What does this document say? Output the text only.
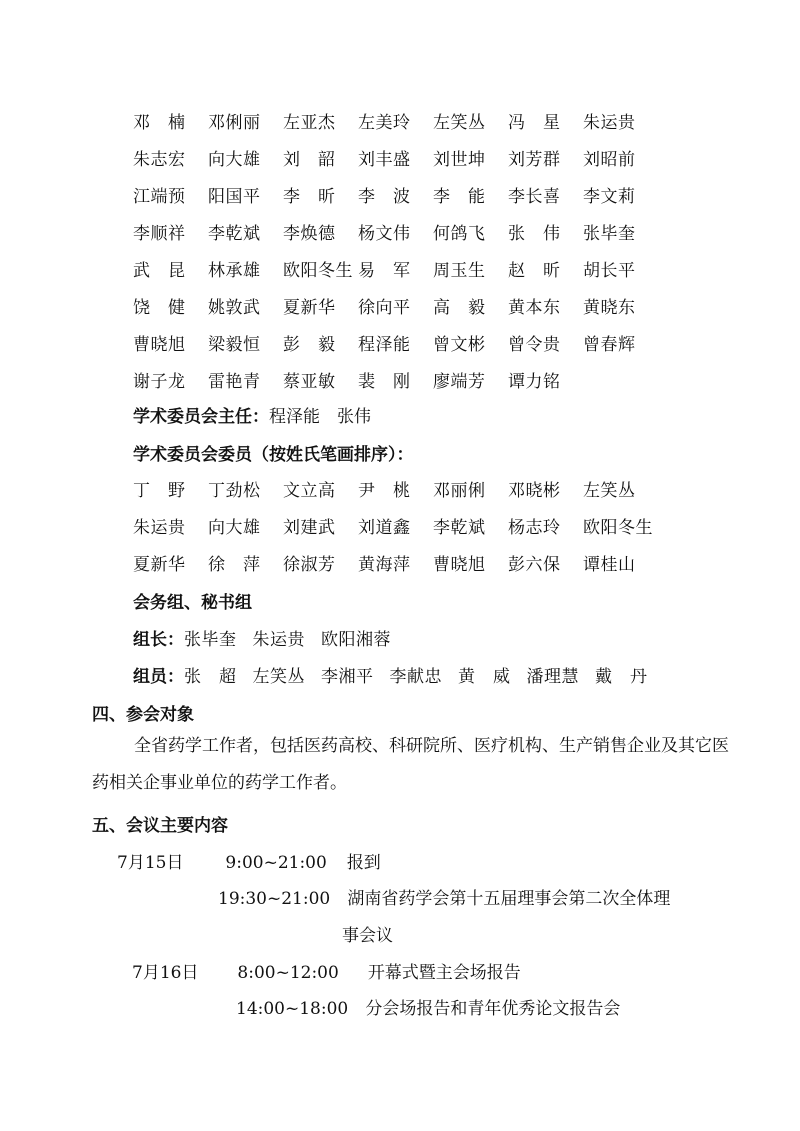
邓　楠	邓俐丽	左亚杰	左美玲	左笑丛	冯　星	朱运贵
朱志宏	向大雄	刘　韶	刘丰盛	刘世坤	刘芳群	刘昭前
江端预	阳国平	李　昕	李　波	李　能	李长喜	李文莉
李顺祥	李乾斌	李焕德	杨文伟	何鸽飞	张　伟	张毕奎
武　昆	林承雄	欧阳冬生 易　军	周玉生	赵　昕	胡长平
饶　健	姚敦武	夏新华	徐向平	高　毅	黄本东	黄晓东
曹晓旭	梁毅恒	彭　毅	程泽能	曾文彬	曾令贵	曾春辉
谢子龙	雷艳青	蔡亚敏	裴　刚	廖端芳	谭力铭
学术委员会主任： 程泽能　张伟
学术委员会委员（按姓氏笔画排序）：
丁　野	丁劲松	文立高	尹　桃	邓丽俐	邓晓彬	左笑丛
朱运贵	向大雄	刘建武	刘道鑫	李乾斌	杨志玲	欧阳冬生
夏新华	徐　萍	徐淑芳	黄海萍	曹晓旭	彭六保	谭桂山
会务组、秘书组
组长： 张毕奎 朱运贵 欧阳湘蓉
组员： 张　超 左笑丛 李湘平 李献忠 黄　威 潘理慧 戴　丹
四、参会对象
全省药学工作者，包括医药高校、科研院所、医疗机构、生产销售企业及其它医药相关企事业单位的药学工作者。
五、会议主要内容
7月15日 9:00~21:00 报到
19:30~21:00 湖南省药学会第十五届理事会第二次全体理
事会议
7月16日 8:00~12:00 开幕式暨主会场报告
14:00~18:00 分会场报告和青年优秀论文报告会
